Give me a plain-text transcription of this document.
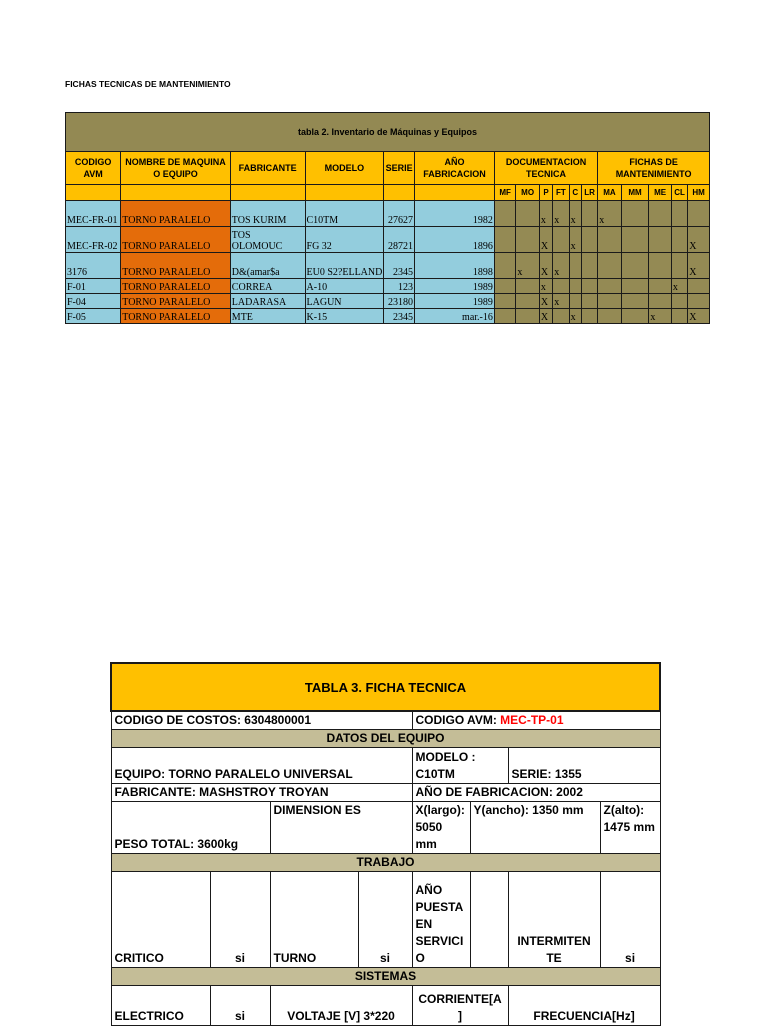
FICHAS TECNICAS DE MANTENIMIENTO
tabla 2. Inventario de Máquinas y Equipos																
CODIGO AVM	NOMBRE DE MAQUINA O EQUIPO	FABRICANTE	MODELO	SERIE	AÑO FABRICACION	DOCUMENTACION TECNICA						FICHAS DE MANTENIMIENTO				
						MF	MO	P	FT	C	LR	MA	MM	ME	CL	HM
MEC-FR-01	TORNO PARALELO	TOS KURIM	C10TM	27627	1982			x	x	x		x				
MEC-FR-02	TORNO PARALELO	TOS OLOMOUC	FG 32	28721	1896			X		x						X
3176	TORNO PARALELO	D&(amar$a	EU0 S2?ELLAND	2345	1898		x	X	x							X
F-01	TORNO PARALELO	CORREA	A-10	123	1989			x							x	
F-04	TORNO PARALELO	LADARASA	LAGUN	23180	1989			X	x							
F-05	TORNO PARALELO	MTE	K-15	2345	mar.-16			X		x				x		X
TABLA 3. FICHA TECNICA							
CODIGO DE COSTOS: 6304800001				CODIGO AVM: MEC-TP-01			
DATOS DEL EQUIPO							
EQUIPO: TORNO PARALELO UNIVERSAL				MODELO : C10TM		SERIE: 1355	
FABRICANTE: MASHSTROY TROYAN				AÑO DE FABRICACION: 2002			
PESO TOTAL: 3600kg		DIMENSION ES		X(largo): 5050 mm	Y(ancho): 1350 mm		Z(alto): 1475 mm
TRABAJO							
CRITICO	si	TURNO	si	AÑO PUESTA EN SERVICI O		INTERMITEN TE	si
SISTEMAS							
ELECTRICO	si	VOLTAJE [V] 3*220		CORRIENTE[A ]		FRECUENCIA[Hz]	
